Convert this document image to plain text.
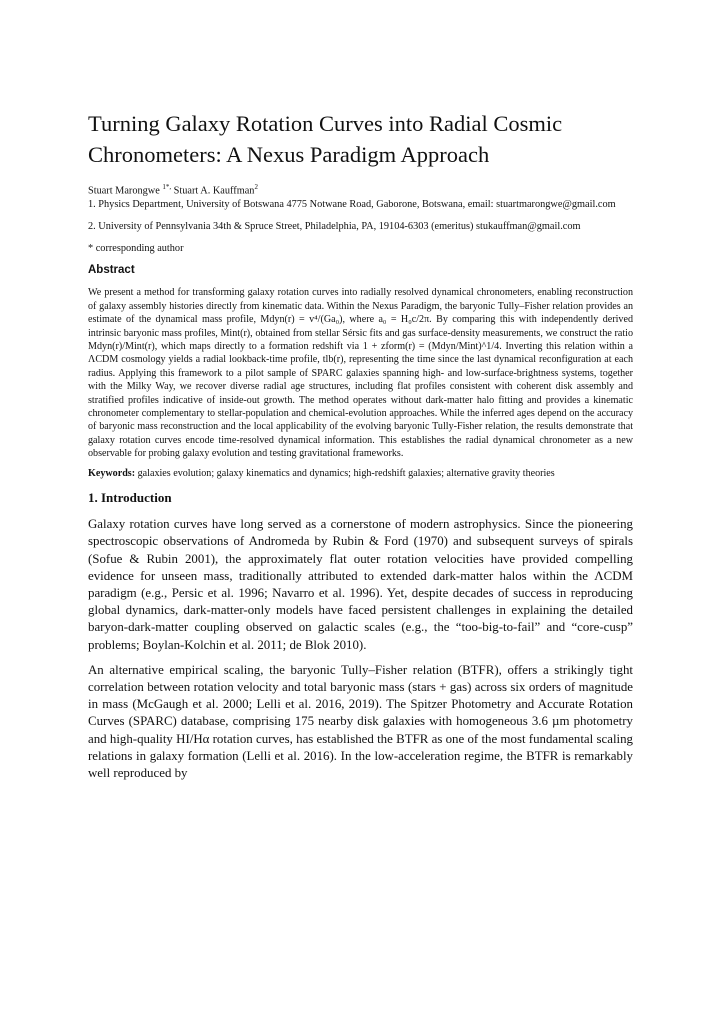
Turning Galaxy Rotation Curves into Radial Cosmic Chronometers: A Nexus Paradigm Approach

Stuart Marongwe $^{1*,}$ Stuart A. Kauffman$^2$

1. Physics Department, University of Botswana 4775 Notwane Road, Gaborone, Botswana, email: stuartmarongwe@gmail.com

2. University of Pennsylvania 34th & Spruce Street, Philadelphia, PA, 19104-6303 (emeritus) stukauffman@gmail.com

* corresponding author

Abstract

We present a method for transforming galaxy rotation curves into radially resolved dynamical chronometers, enabling reconstruction of galaxy assembly histories directly from kinematic data. Within the Nexus Paradigm, the baryonic Tully–Fisher relation provides an estimate of the dynamical mass profile, Mdyn(r) = v⁴/(Ga₀), where a₀ = H₀c/2π. By comparing this with independently derived intrinsic baryonic mass profiles, Mint(r), obtained from stellar Sérsic fits and gas surface-density measurements, we construct the ratio Mdyn(r)/Mint(r), which maps directly to a formation redshift via 1 + zform(r) = (Mdyn/Mint)^1/4. Inverting this relation within a ΛCDM cosmology yields a radial lookback-time profile, tlb(r), representing the time since the last dynamical reconfiguration at each radius. Applying this framework to a pilot sample of SPARC galaxies spanning high- and low-surface-brightness systems, together with the Milky Way, we recover diverse radial age structures, including flat profiles consistent with coherent disk assembly and stratified profiles indicative of inside-out growth. The method operates without dark-matter halo fitting and provides a kinematic chronometer complementary to stellar-population and chemical-evolution approaches. While the inferred ages depend on the accuracy of baryonic mass reconstruction and the local applicability of the evolving baryonic Tully-Fisher relation, the results demonstrate that galaxy rotation curves encode time-resolved dynamical information. This establishes the radial dynamical chronometer as a new observable for probing galaxy evolution and testing gravitational frameworks.

Keywords: galaxies evolution; galaxy kinematics and dynamics; high-redshift galaxies; alternative gravity theories

1. Introduction

Galaxy rotation curves have long served as a cornerstone of modern astrophysics. Since the pioneering spectroscopic observations of Andromeda by Rubin & Ford (1970) and subsequent surveys of spirals (Sofue & Rubin 2001), the approximately flat outer rotation velocities have provided compelling evidence for unseen mass, traditionally attributed to extended dark-matter halos within the ΛCDM paradigm (e.g., Persic et al. 1996; Navarro et al. 1996). Yet, despite decades of success in reproducing global dynamics, dark-matter-only models have faced persistent challenges in explaining the detailed baryon-dark-matter coupling observed on galactic scales (e.g., the “too-big-to-fail” and “core-cusp” problems; Boylan-Kolchin et al. 2011; de Blok 2010).

An alternative empirical scaling, the baryonic Tully–Fisher relation (BTFR), offers a strikingly tight correlation between rotation velocity and total baryonic mass (stars + gas) across six orders of magnitude in mass (McGaugh et al. 2000; Lelli et al. 2016, 2019). The Spitzer Photometry and Accurate Rotation Curves (SPARC) database, comprising 175 nearby disk galaxies with homogeneous 3.6 µm photometry and high-quality HI/Hα rotation curves, has established the BTFR as one of the most fundamental scaling relations in galaxy formation (Lelli et al. 2016). In the low-acceleration regime, the BTFR is remarkably well reproduced by
